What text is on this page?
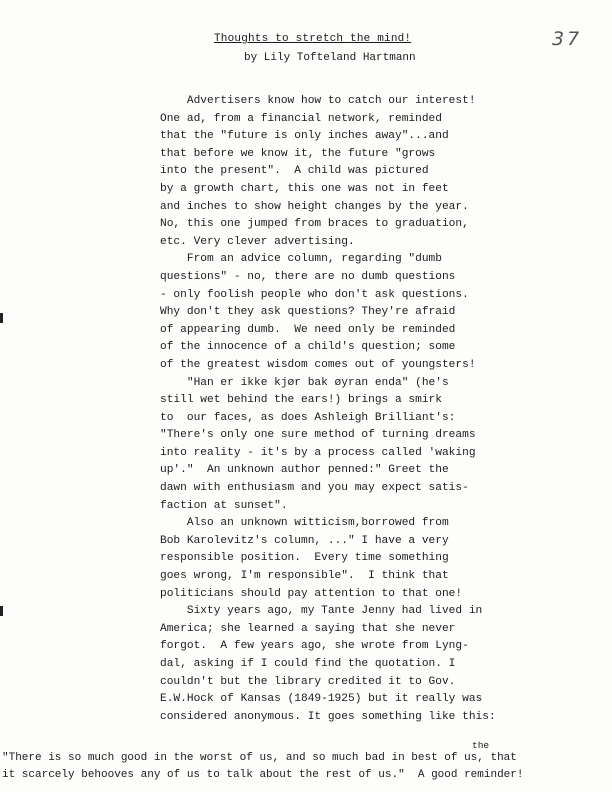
Thoughts to stretch the mind!
by Lily Tofteland Hartmann
37
Advertisers know how to catch our interest!
One ad, from a financial network, reminded
that the "future is only inches away"...and
that before we know it, the future "grows
into the present".  A child was pictured
by a growth chart, this one was not in feet
and inches to show height changes by the year.
No, this one jumped from braces to graduation,
etc. Very clever advertising.
From an advice column, regarding "dumb
questions" - no, there are no dumb questions
- only foolish people who don't ask questions.
Why don't they ask questions? They're afraid
of appearing dumb.  We need only be reminded
of the innocence of a child's question; some
of the greatest wisdom comes out of youngsters!
"Han er ikke kjør bak øyran enda" (he's
still wet behind the ears!) brings a smirk
to  our faces, as does Ashleigh Brilliant's:
"There's only one sure method of turning dreams
into reality - it's by a process called 'waking
up'."  An unknown author penned:" Greet the
dawn with enthusiasm and you may expect satis-
faction at sunset".
Also an unknown witticism,borrowed from
Bob Karolevitz's column, ..." I have a very
responsible position.  Every time something
goes wrong, I'm responsible".  I think that
politicians should pay attention to that one!
Sixty years ago, my Tante Jenny had lived in
America; she learned a saying that she never
forgot.  A few years ago, she wrote from Lyng-
dal, asking if I could find the quotation. I
couldn't but the library credited it to Gov.
E.W.Hock of Kansas (1849-1925) but it really was
considered anonymous. It goes something like this:
the
"There is so much good in the worst of us, and so much bad in best of us, that
it scarcely behooves any of us to talk about the rest of us."  A good reminder!
